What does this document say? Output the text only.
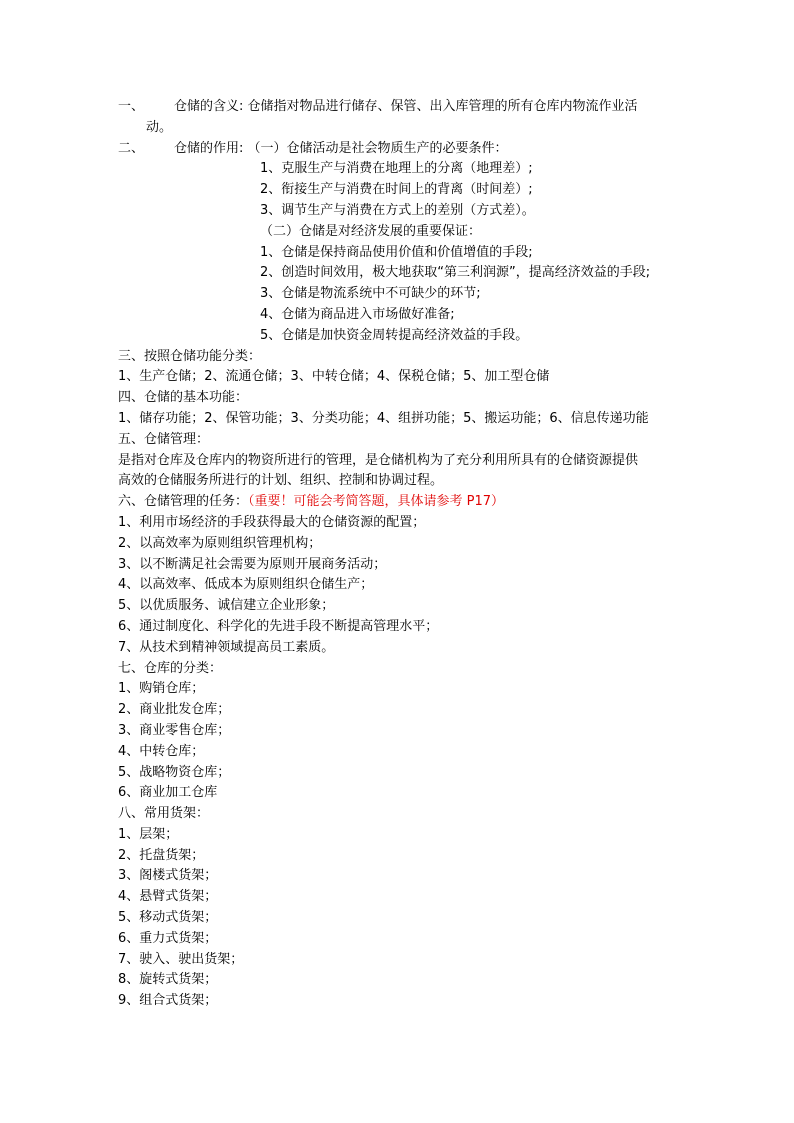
一、 仓储的含义: 仓储指对物品进行储存、保管、出入库管理的所有仓库内物流作业活
动。
二、 仓储的作用: （一）仓储活动是社会物质生产的必要条件：
1、克服生产与消费在地理上的分离（地理差）;
2、衔接生产与消费在时间上的背离（时间差）;
3、调节生产与消费在方式上的差别（方式差）。
（二）仓储是对经济发展的重要保证：
1、仓储是保持商品使用价值和价值增值的手段;
2、创造时间效用，极大地获取“第三利润源”，提高经济效益的手段;
3、仓储是物流系统中不可缺少的环节;
4、仓储为商品进入市场做好准备;
5、仓储是加快资金周转提高经济效益的手段。
三、按照仓储功能分类：
1、生产仓储；2、流通仓储；3、中转仓储；4、保税仓储；5、加工型仓储
四、仓储的基本功能：
1、储存功能；2、保管功能；3、分类功能；4、组拼功能；5、搬运功能；6、信息传递功能
五、仓储管理：
是指对仓库及仓库内的物资所进行的管理，是仓储机构为了充分利用所具有的仓储资源提供
高效的仓储服务所进行的计划、组织、控制和协调过程。
六、仓储管理的任务：（重要！可能会考简答题，具体请参考 P17）
1、利用市场经济的手段获得最大的仓储资源的配置；
2、以高效率为原则组织管理机构；
3、以不断满足社会需要为原则开展商务活动；
4、以高效率、低成本为原则组织仓储生产；
5、以优质服务、诚信建立企业形象；
6、通过制度化、科学化的先进手段不断提高管理水平；
7、从技术到精神领域提高员工素质。
七、仓库的分类：
1、购销仓库；
2、商业批发仓库；
3、商业零售仓库；
4、中转仓库；
5、战略物资仓库；
6、商业加工仓库
八、常用货架：
1、层架；
2、托盘货架；
3、阁楼式货架；
4、悬臂式货架；
5、移动式货架；
6、重力式货架；
7、驶入、驶出货架；
8、旋转式货架；
9、组合式货架；
